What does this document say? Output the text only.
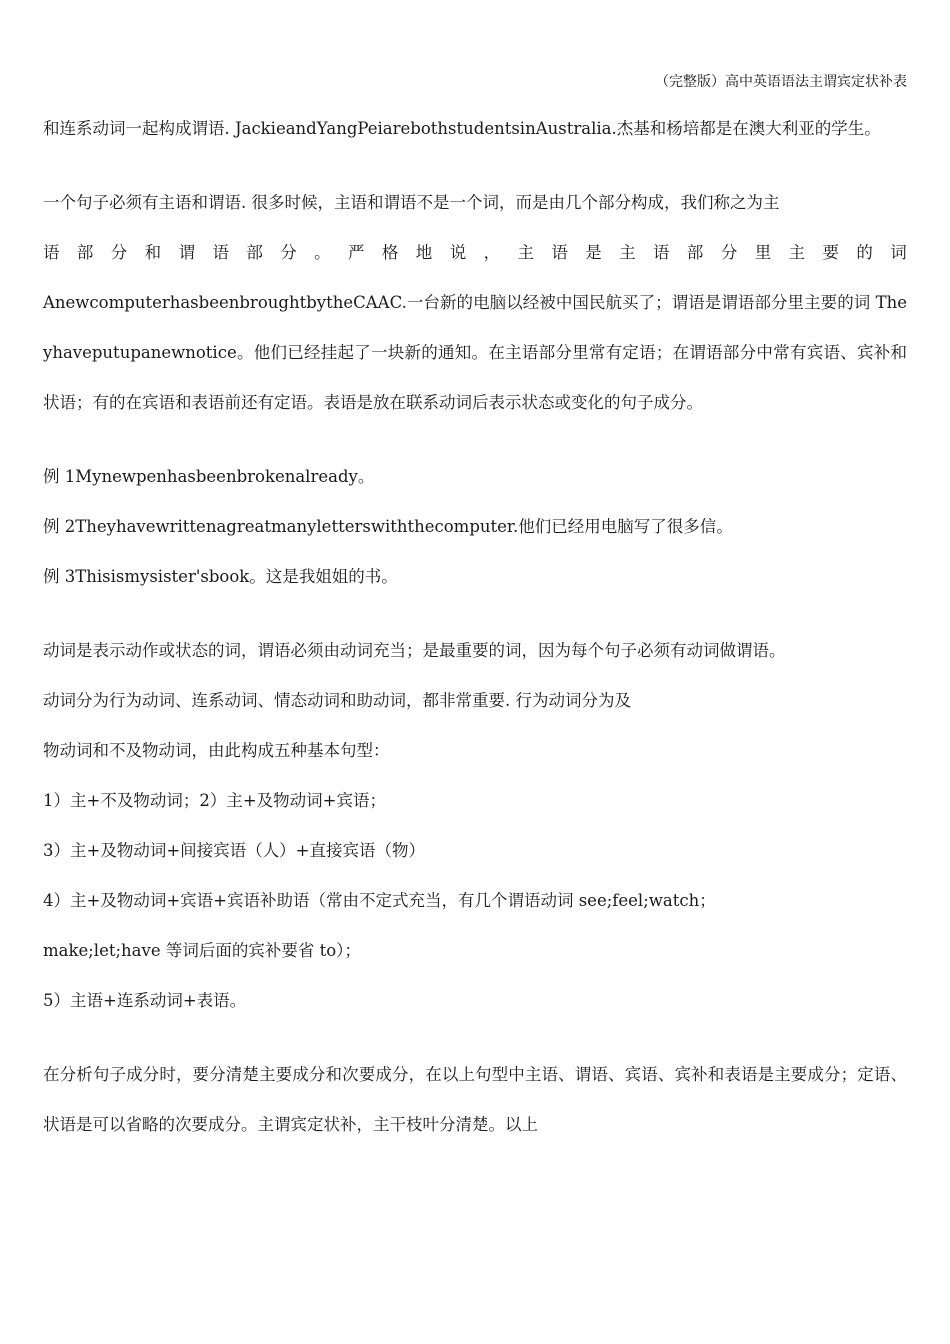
（完整版）高中英语语法主谓宾定状补表

和连系动词一起构成谓语. JackieandYangPeiarebothstudentsinAustralia.杰基和杨培都是在澳大利亚的学生。

一个句子必须有主语和谓语. 很多时候，主语和谓语不是一个词，而是由几个部分构成，我们称之为主

语 部 分 和 谓 语 部 分 。 严 格 地 说 ， 主 语 是 主 语 部 分 里 主 要 的 词

AnewcomputerhasbeenbroughtbytheCAAC.一台新的电脑以经被中国民航买了；谓语是谓语部分里主要的词 Theyhaveputupanewnotice。他们已经挂起了一块新的通知。在主语部分里常有定语；在谓语部分中常有宾语、宾补和状语；有的在宾语和表语前还有定语。表语是放在联系动词后表示状态或变化的句子成分。

例 1Mynewpenhasbeenbrokenalready。

例 2Theyhavewrittenagreatmanyletterswiththecomputer.他们已经用电脑写了很多信。

例 3Thisismysister'sbook。这是我姐姐的书。

动词是表示动作或状态的词，谓语必须由动词充当；是最重要的词，因为每个句子必须有动词做谓语。

动词分为行为动词、连系动词、情态动词和助动词，都非常重要. 行为动词分为及

物动词和不及物动词，由此构成五种基本句型：

1）主+不及物动词；2）主+及物动词+宾语；

3）主+及物动词+间接宾语（人）+直接宾语（物）

4）主+及物动词+宾语+宾语补助语（常由不定式充当，有几个谓语动词 see;feel;watch；

make;let;have 等词后面的宾补要省 to）；

5）主语+连系动词+表语。

在分析句子成分时，要分清楚主要成分和次要成分，在以上句型中主语、谓语、宾语、宾补和表语是主要成分；定语、状语是可以省略的次要成分。主谓宾定状补，主干枝叶分清楚。以上
